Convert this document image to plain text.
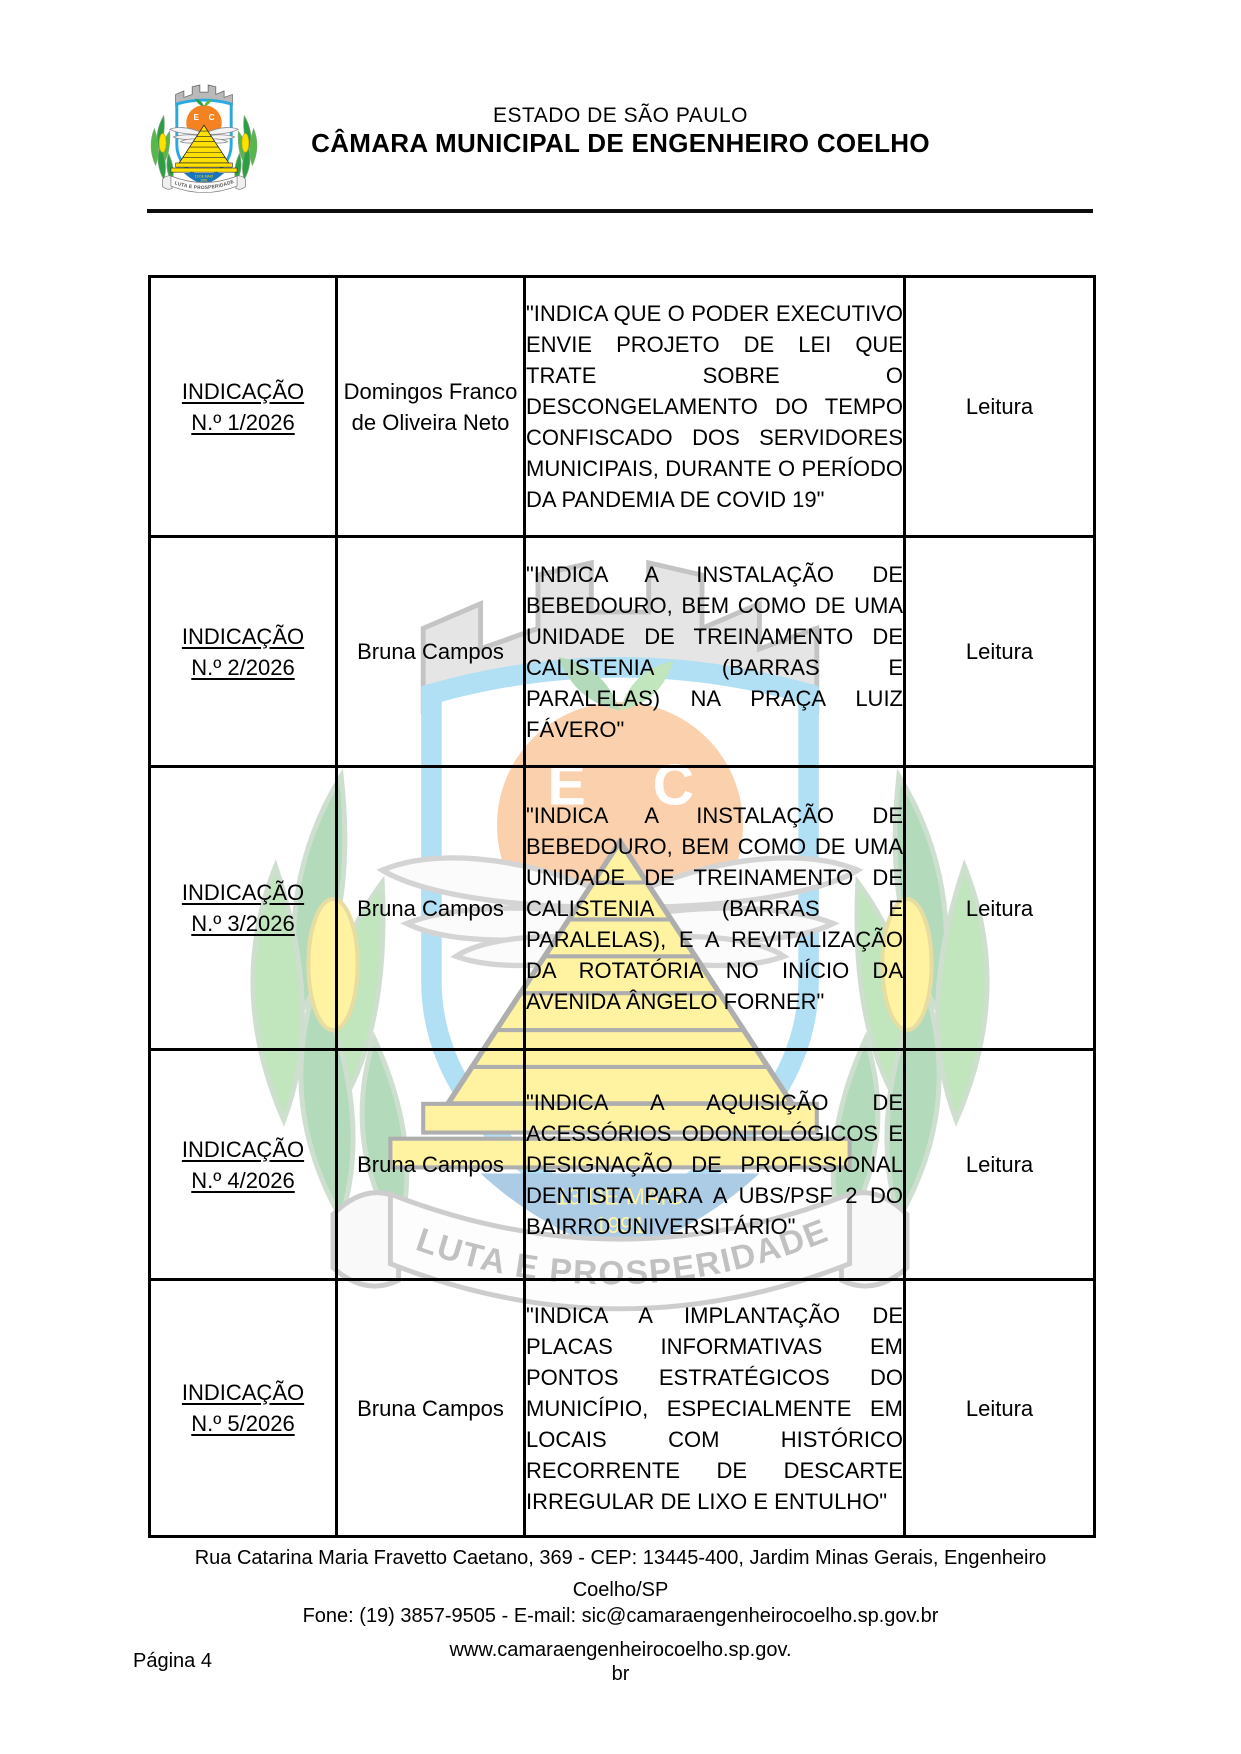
ESTADO DE SÃO PAULO
CÂMARA MUNICIPAL DE ENGENHEIRO COELHO
INDICAÇÃO
N.º 1/2026	Domingos Franco de Oliveira Neto	"INDICA QUE O PODER EXECUTIVO ENVIE PROJETO DE LEI QUE TRATE SOBRE O DESCONGELAMENTO DO TEMPO CONFISCADO DOS SERVIDORES MUNICIPAIS, DURANTE O PERÍODO DA PANDEMIA DE COVID 19"	Leitura
INDICAÇÃO
N.º 2/2026	Bruna Campos	"INDICA A INSTALAÇÃO DE BEBEDOURO, BEM COMO DE UMA UNIDADE DE TREINAMENTO DE CALISTENIA (BARRAS E PARALELAS) NA PRAÇA LUIZ FÁVERO"	Leitura
INDICAÇÃO
N.º 3/2026	Bruna Campos	"INDICA A INSTALAÇÃO DE BEBEDOURO, BEM COMO DE UMA UNIDADE DE TREINAMENTO DE CALISTENIA (BARRAS E PARALELAS), E A REVITALIZAÇÃO DA ROTATÓRIA NO INÍCIO DA AVENIDA ÂNGELO FORNER"	Leitura
INDICAÇÃO
N.º 4/2026	Bruna Campos	"INDICA A AQUISIÇÃO DE ACESSÓRIOS ODONTOLÓGICOS E DESIGNAÇÃO DE PROFISSIONAL DENTISTA PARA A UBS/PSF 2 DO BAIRRO UNIVERSITÁRIO"	Leitura
INDICAÇÃO
N.º 5/2026	Bruna Campos	"INDICA A IMPLANTAÇÃO DE PLACAS INFORMATIVAS EM PONTOS ESTRATÉGICOS DO MUNICÍPIO, ESPECIALMENTE EM LOCAIS COM HISTÓRICO RECORRENTE DE DESCARTE IRREGULAR DE LIXO E ENTULHO"	Leitura
Rua Catarina Maria Fravetto Caetano, 369 - CEP: 13445-400, Jardim Minas Gerais, Engenheiro
Coelho/SP
Fone: (19) 3857-9505 - E-mail: sic@camaraengenheirocoelho.sp.gov.br
www.camaraengenheirocoelho.sp.gov.
br
Página 4
